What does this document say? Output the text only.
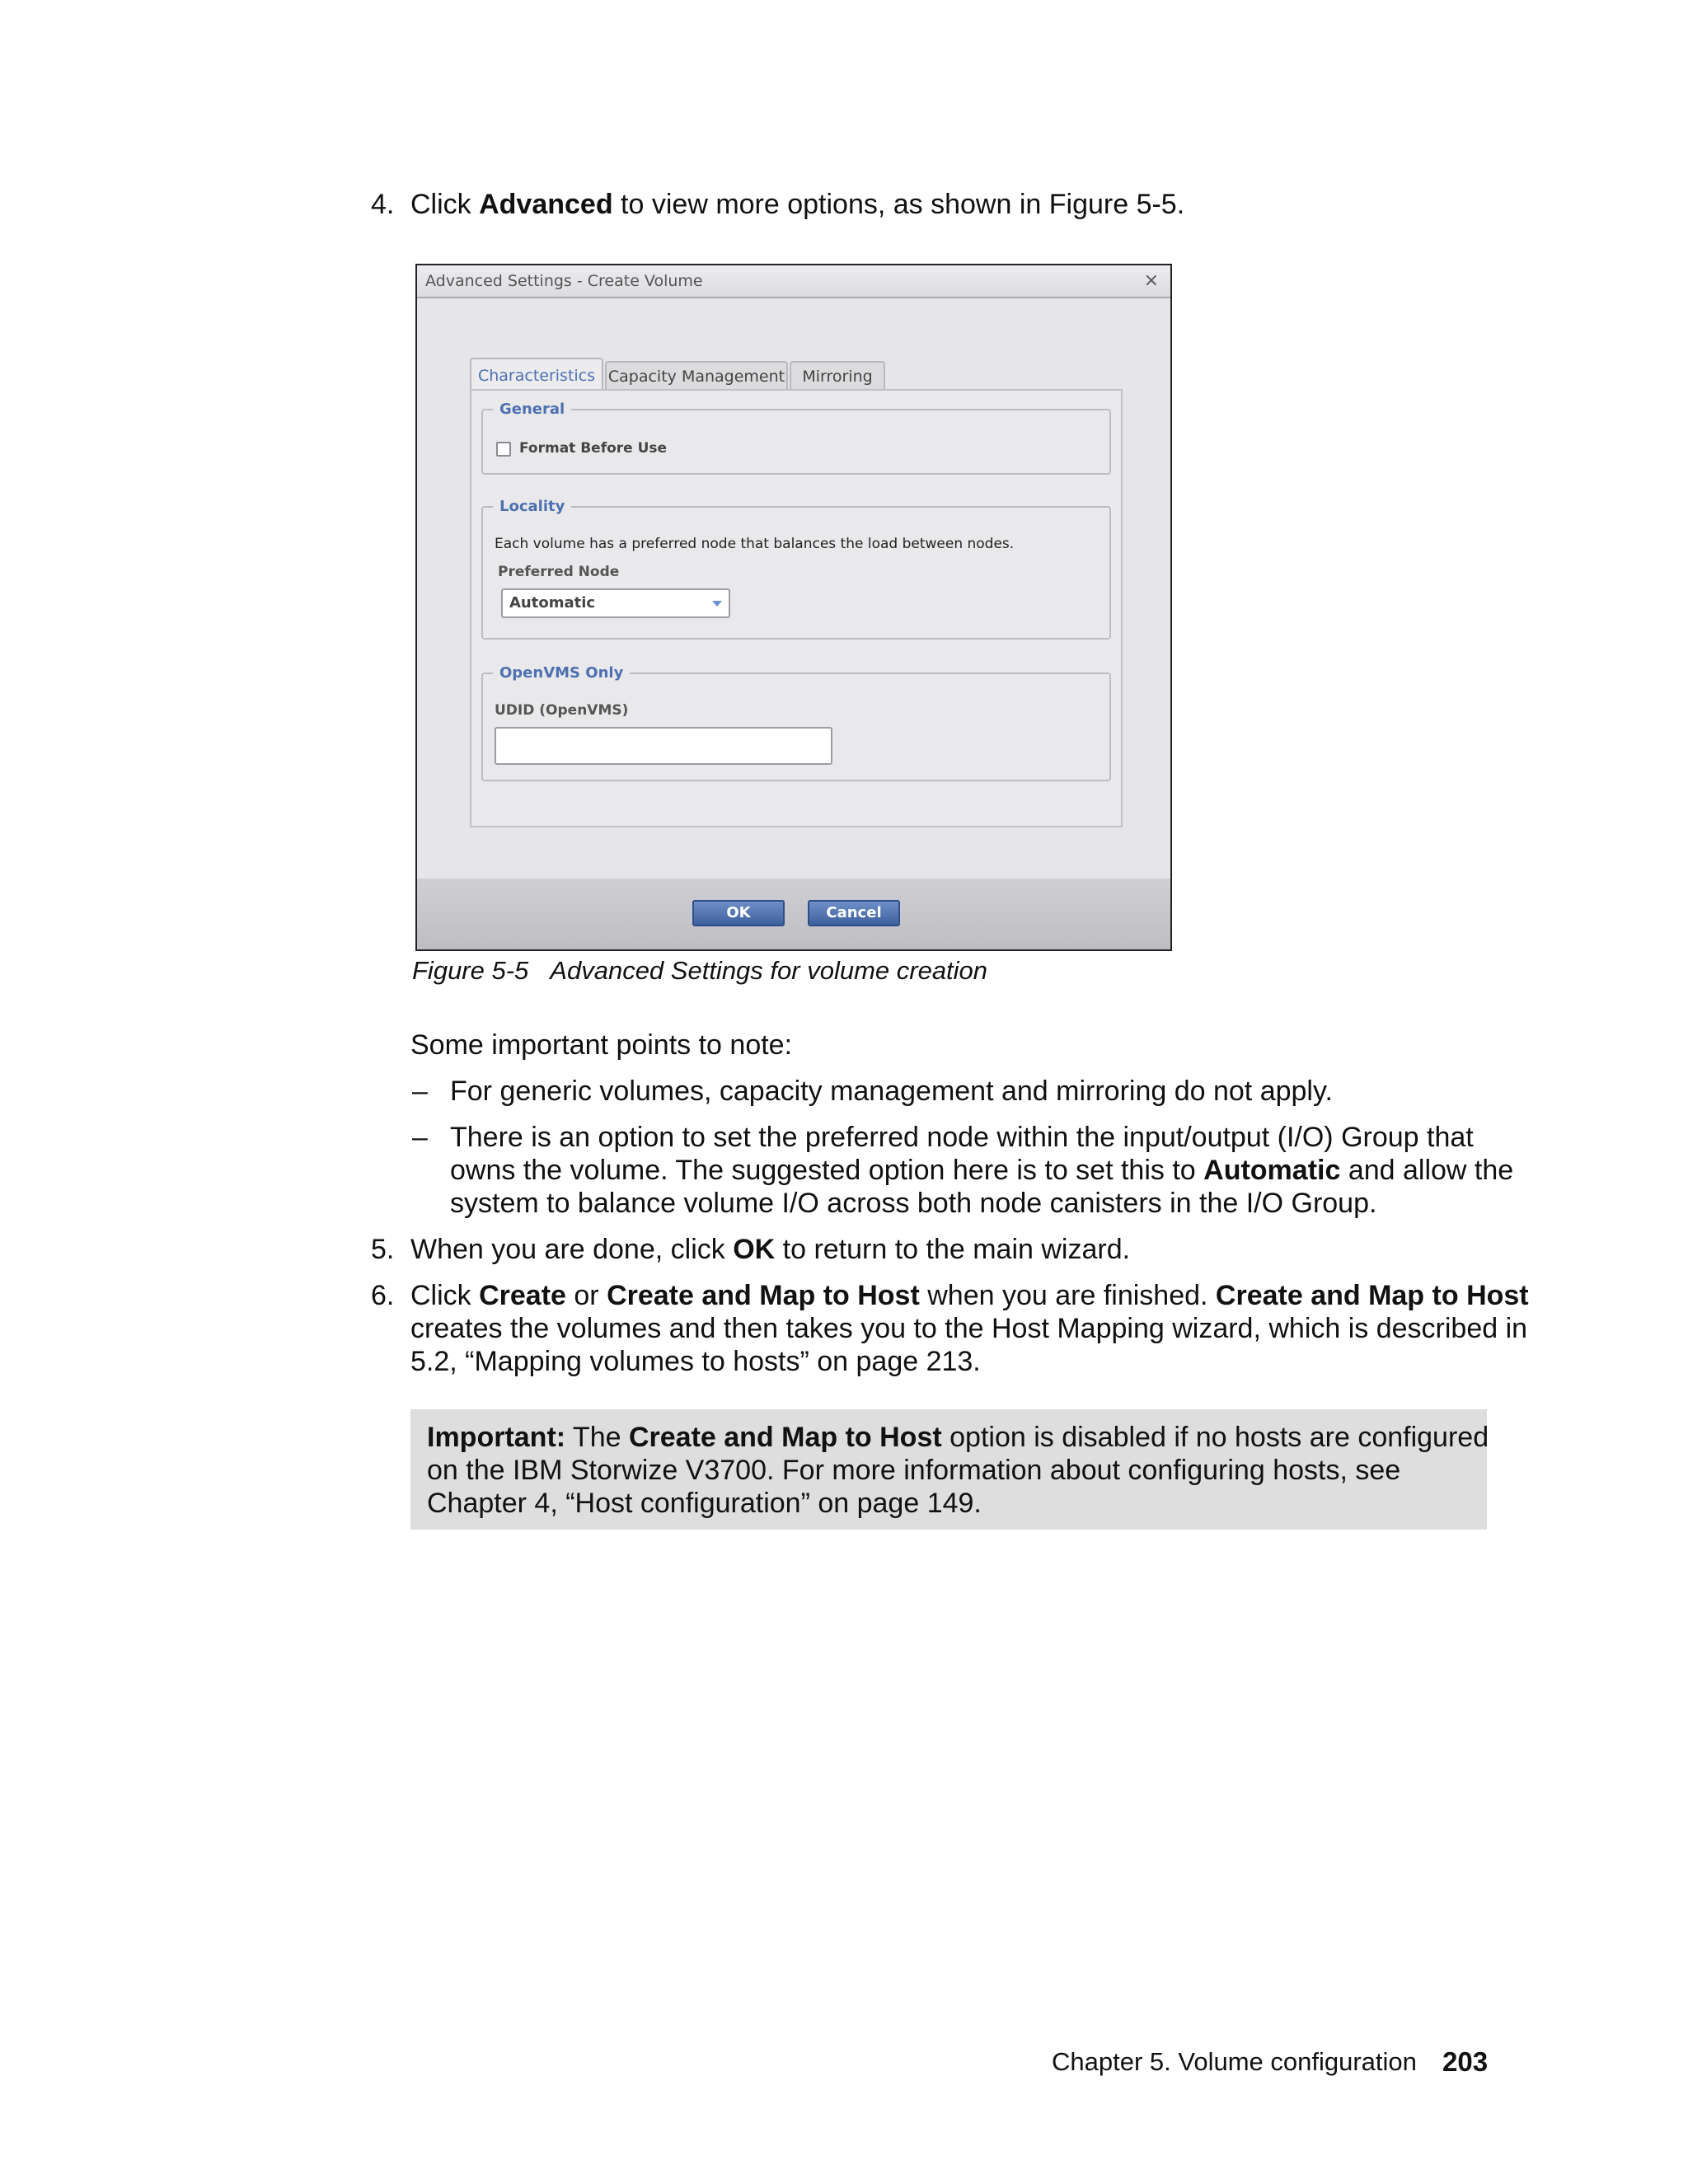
4. Click Advanced to view more options, as shown in Figure 5-5.
Advanced Settings - Create Volume	×
Characteristics Capacity Management	Mirroring
General
Format Before Use
Locality
Each volume has a preferred node that balances the load between nodes.
Preferred Node
Automatic
OpenVMS Only
UDID (OpenVMS)
OK	Cancel
Figure 5-5 Advanced Settings for volume creation
Some important points to note:
– For generic volumes, capacity management and mirroring do not apply.
– There is an option to set the preferred node within the input/output (I/O) Group that
owns the volume. The suggested option here is to set this to Automatic and allow the
system to balance volume I/O across both node canisters in the I/O Group.
5. When you are done, click OK to return to the main wizard.
6. Click Create or Create and Map to Host when you are finished. Create and Map to Host
creates the volumes and then takes you to the Host Mapping wizard, which is described in
5.2, “Mapping volumes to hosts” on page 213.
Important: The Create and Map to Host option is disabled if no hosts are configured
on the IBM Storwize V3700. For more information about configuring hosts, see
Chapter 4, “Host configuration” on page 149.
Chapter 5. Volume configuration 203
